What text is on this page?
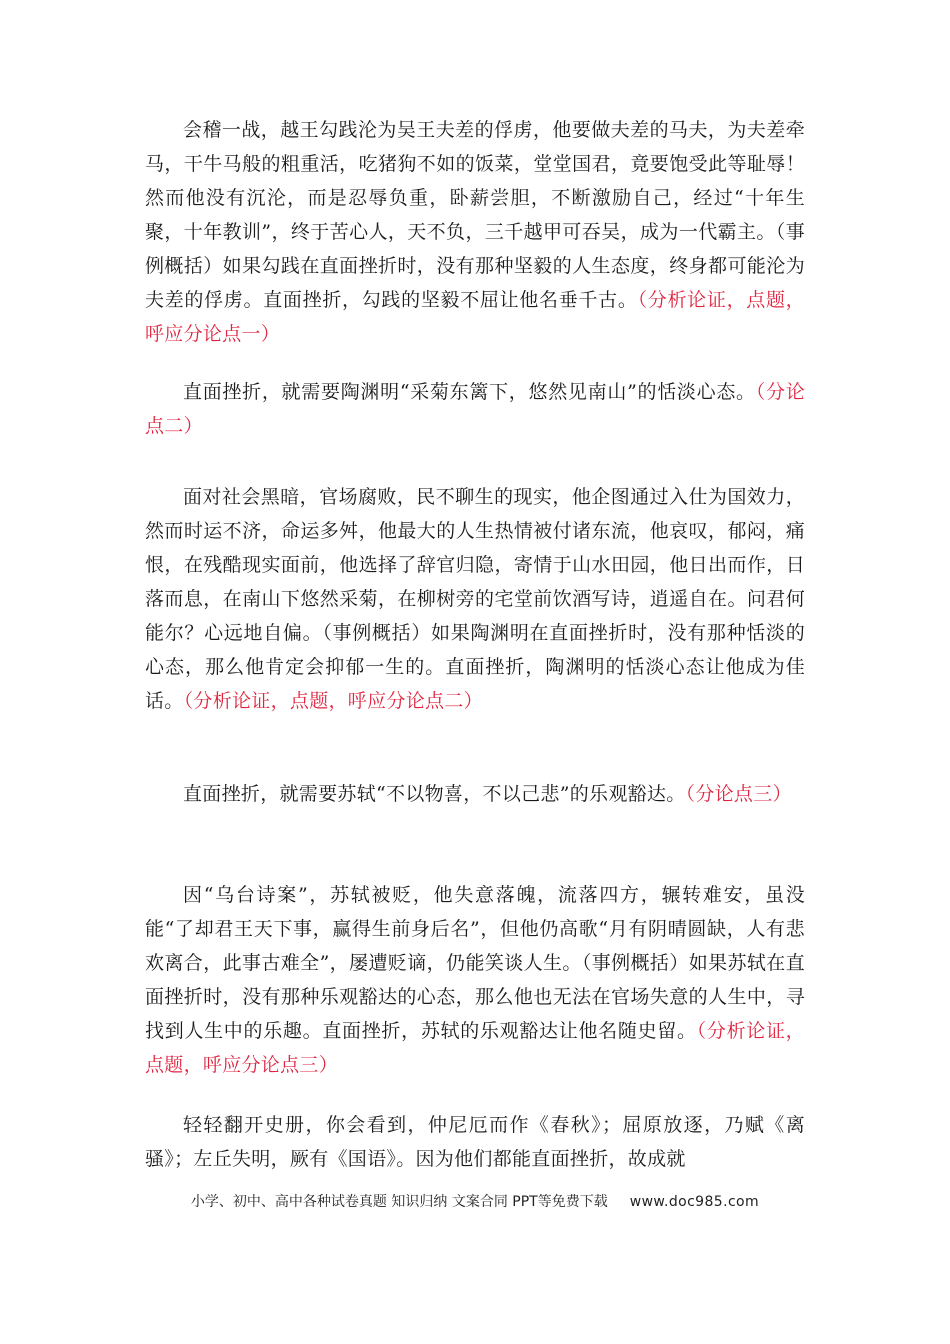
会稽一战，越王勾践沦为吴王夫差的俘虏，他要做夫差的马夫，为夫差牵马，干牛马般的粗重活，吃猪狗不如的饭菜，堂堂国君，竟要饱受此等耻辱！然而他没有沉沦，而是忍辱负重，卧薪尝胆，不断激励自己，经过“十年生聚，十年教训”，终于苦心人，天不负，三千越甲可吞吴，成为一代霸主。（事例概括）如果勾践在直面挫折时，没有那种坚毅的人生态度，终身都可能沦为夫差的俘虏。直面挫折，勾践的坚毅不屈让他名垂千古。（分析论证，点题，呼应分论点一）

直面挫折，就需要陶渊明“采菊东篱下，悠然见南山”的恬淡心态。（分论点二）

面对社会黑暗，官场腐败，民不聊生的现实，他企图通过入仕为国效力，然而时运不济，命运多舛，他最大的人生热情被付诸东流，他哀叹，郁闷，痛恨，在残酷现实面前，他选择了辞官归隐，寄情于山水田园，他日出而作，日落而息，在南山下悠然采菊，在柳树旁的宅堂前饮酒写诗，逍遥自在。问君何能尔？心远地自偏。（事例概括）如果陶渊明在直面挫折时，没有那种恬淡的心态，那么他肯定会抑郁一生的。直面挫折，陶渊明的恬淡心态让他成为佳话。（分析论证，点题，呼应分论点二）

直面挫折，就需要苏轼“不以物喜，不以己悲”的乐观豁达。（分论点三）

因“乌台诗案”，苏轼被贬，他失意落魄，流落四方，辗转难安，虽没能“了却君王天下事，赢得生前身后名”，但他仍高歌“月有阴晴圆缺，人有悲欢离合，此事古难全”，屡遭贬谪，仍能笑谈人生。（事例概括）如果苏轼在直面挫折时，没有那种乐观豁达的心态，那么他也无法在官场失意的人生中，寻找到人生中的乐趣。直面挫折，苏轼的乐观豁达让他名随史留。（分析论证，点题，呼应分论点三）

轻轻翻开史册，你会看到，仲尼厄而作《春秋》；屈原放逐，乃赋《离骚》；左丘失明，厥有《国语》。因为他们都能直面挫折，故成就

小学、初中、高中各种试卷真题 知识归纳 文案合同 PPT等免费下载 www.doc985.com
